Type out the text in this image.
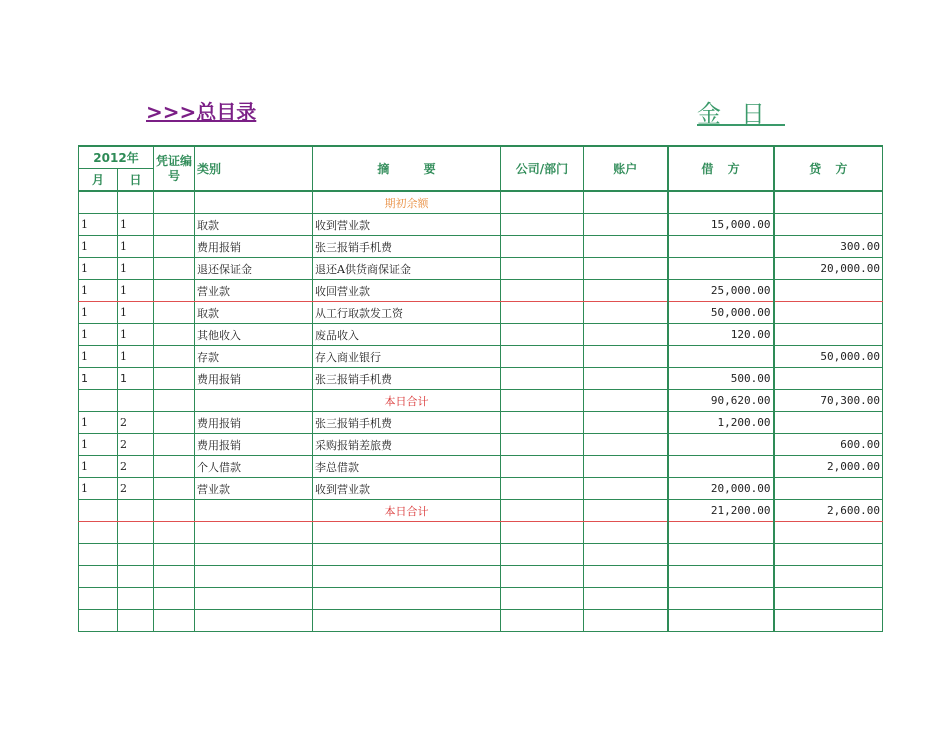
>>>总目录	金日
2012年		凭证编号	类别	摘 要	公司/部门	账户	借 方	贷 方
月	日							
				期初余额				
1	1		取款	收到营业款			15,000.00	
1	1		费用报销	张三报销手机费				300.00
1	1		退还保证金	退还A供货商保证金				20,000.00
1	1		营业款	收回营业款			25,000.00	
1	1		取款	从工行取款发工资			50,000.00	
1	1		其他收入	废品收入			120.00	
1	1		存款	存入商业银行				50,000.00
1	1		费用报销	张三报销手机费			500.00	
				本日合计			90,620.00	70,300.00
1	2		费用报销	张三报销手机费			1,200.00	
1	2		费用报销	采购报销差旅费				600.00
1	2		个人借款	李总借款				2,000.00
1	2		营业款	收到营业款			20,000.00	
				本日合计			21,200.00	2,600.00
